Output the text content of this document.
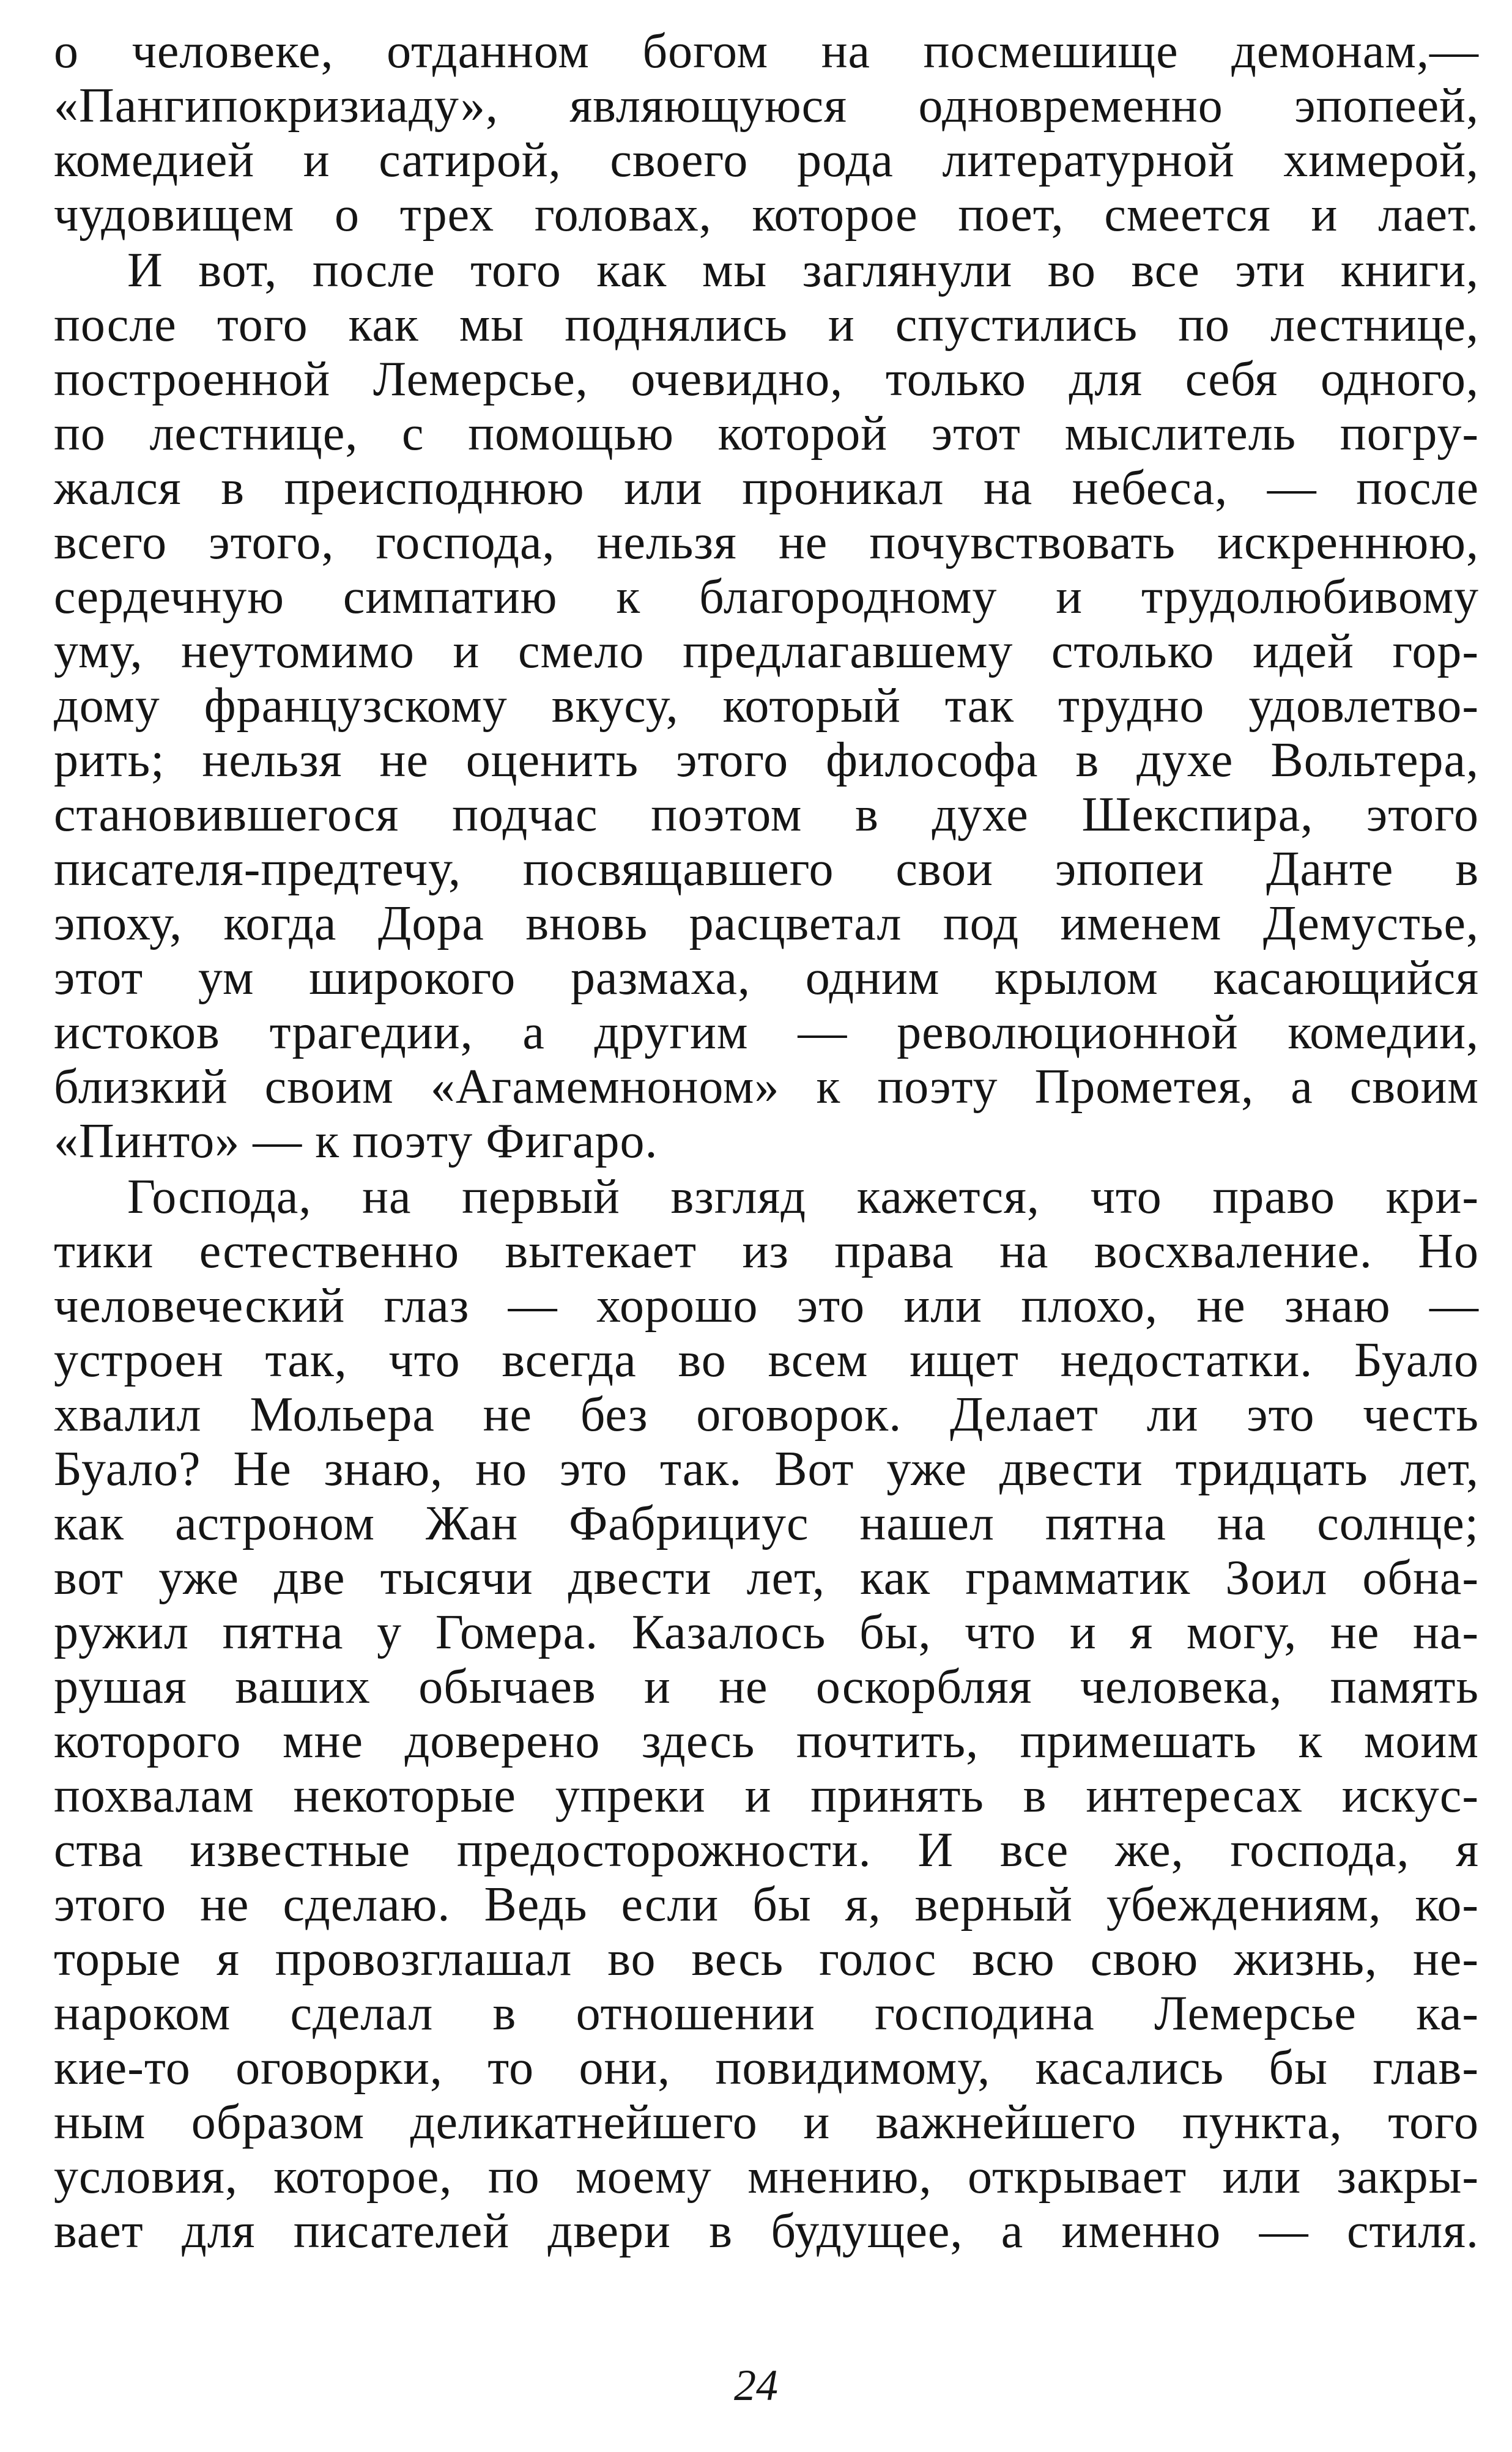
о человеке, отданном богом на посмешище демонам,—
«Пангипокризиаду», являющуюся одновременно эпопеей,
комедией и сатирой, своего рода литературной химерой,
чудовищем о трех головах, которое поет, смеется и лает.
И вот, после того как мы заглянули во все эти книги,
после того как мы поднялись и спустились по лестнице,
построенной Лемерсье, очевидно, только для себя одного,
по лестнице, с помощью которой этот мыслитель погру-
жался в преисподнюю или проникал на небеса, — после
всего этого, господа, нельзя не почувствовать искреннюю,
сердечную симпатию к благородному и трудолюбивому
уму, неутомимо и смело предлагавшему столько идей гор-
дому французскому вкусу, который так трудно удовлетво-
рить; нельзя не оценить этого философа в духе Вольтера,
становившегося подчас поэтом в духе Шекспира, этого
писателя-предтечу, посвящавшего свои эпопеи Данте в
эпоху, когда Дора вновь расцветал под именем Демустье,
этот ум широкого размаха, одним крылом касающийся
истоков трагедии, а другим — революционной комедии,
близкий своим «Агамемноном» к поэту Прометея, а своим
«Пинто» — к поэту Фигаро.
Господа, на первый взгляд кажется, что право кри-
тики естественно вытекает из права на восхваление. Но
человеческий глаз — хорошо это или плохо, не знаю —
устроен так, что всегда во всем ищет недостатки. Буало
хвалил Мольера не без оговорок. Делает ли это честь
Буало? Не знаю, но это так. Вот уже двести тридцать лет,
как астроном Жан Фабрициус нашел пятна на солнце;
вот уже две тысячи двести лет, как грамматик Зоил обна-
ружил пятна у Гомера. Казалось бы, что и я могу, не на-
рушая ваших обычаев и не оскорбляя человека, память
которого мне доверено здесь почтить, примешать к моим
похвалам некоторые упреки и принять в интересах искус-
ства известные предосторожности. И все же, господа, я
этого не сделаю. Ведь если бы я, верный убеждениям, ко-
торые я провозглашал во весь голос всю свою жизнь, не-
нароком сделал в отношении господина Лемерсье ка-
кие-то оговорки, то они, повидимому, касались бы глав-
ным образом деликатнейшего и важнейшего пункта, того
условия, которое, по моему мнению, открывает или закры-
вает для писателей двери в будущее, а именно — стиля.
24
